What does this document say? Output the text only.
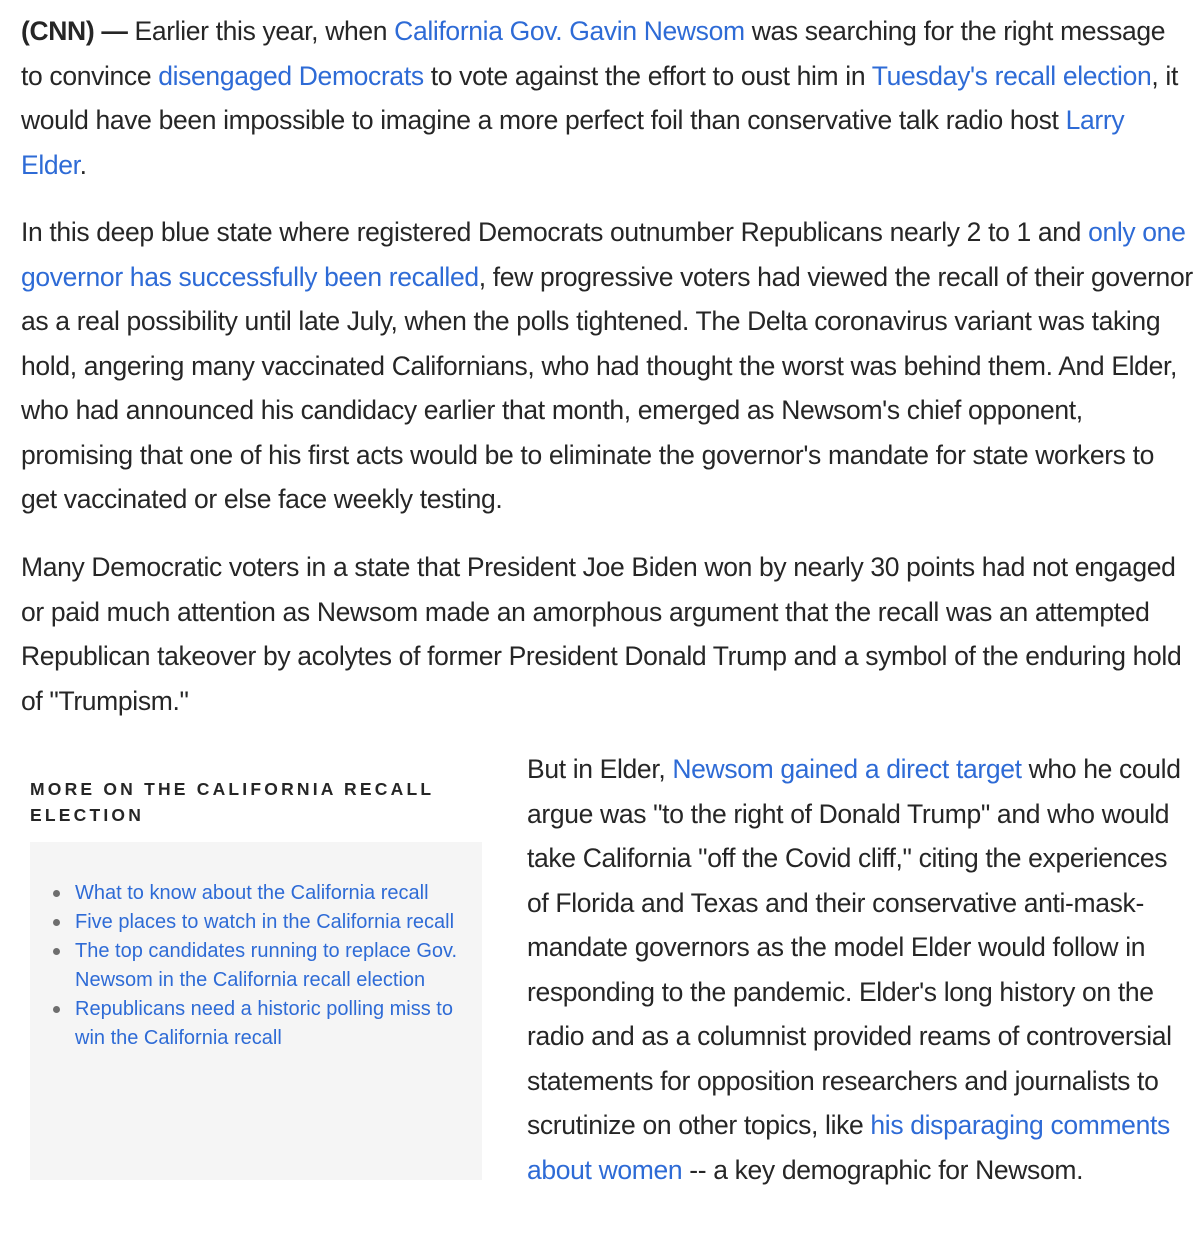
(CNN) — Earlier this year, when California Gov. Gavin Newsom was searching for the right message to convince disengaged Democrats to vote against the effort to oust him in Tuesday's recall election, it would have been impossible to imagine a more perfect foil than conservative talk radio host Larry Elder.

In this deep blue state where registered Democrats outnumber Republicans nearly 2 to 1 and only one governor has successfully been recalled, few progressive voters had viewed the recall of their governor as a real possibility until late July, when the polls tightened. The Delta coronavirus variant was taking hold, angering many vaccinated Californians, who had thought the worst was behind them. And Elder, who had announced his candidacy earlier that month, emerged as Newsom's chief opponent, promising that one of his first acts would be to eliminate the governor's mandate for state workers to get vaccinated or else face weekly testing.

Many Democratic voters in a state that President Joe Biden won by nearly 30 points had not engaged or paid much attention as Newsom made an amorphous argument that the recall was an attempted Republican takeover by acolytes of former President Donald Trump and a symbol of the enduring hold of "Trumpism."

MORE ON THE CALIFORNIA RECALL ELECTION
What to know about the California recall
Five places to watch in the California recall
The top candidates running to replace Gov. Newsom in the California recall election
Republicans need a historic polling miss to win the California recall

But in Elder, Newsom gained a direct target who he could argue was "to the right of Donald Trump" and who would take California "off the Covid cliff," citing the experiences of Florida and Texas and their conservative anti-mask-mandate governors as the model Elder would follow in responding to the pandemic. Elder's long history on the radio and as a columnist provided reams of controversial statements for opposition researchers and journalists to scrutinize on other topics, like his disparaging comments about women -- a key demographic for Newsom.
